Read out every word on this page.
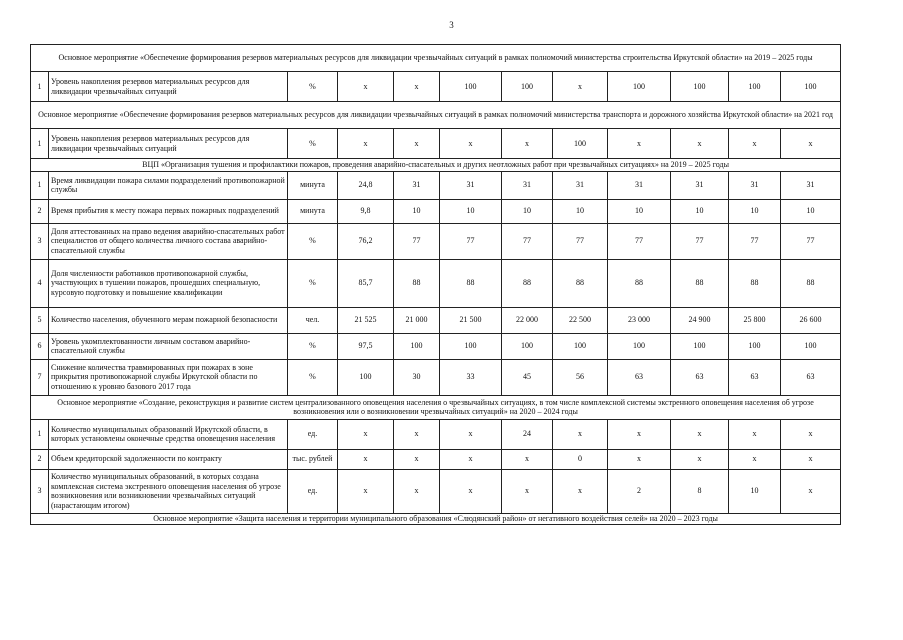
3
Основное мероприятие «Обеспечение формирования резервов материальных ресурсов для ликвидации чрезвычайных ситуаций в рамках полномочий министерства строительства Иркутской области» на 2019 – 2025 годы											
1	Уровень накопления резервов материальных ресурсов для ликвидации чрезвычайных ситуаций	%	x	x	100	100	x	100	100	100	100
Основное мероприятие «Обеспечение формирования резервов материальных ресурсов для ликвидации чрезвычайных ситуаций в рамках полномочий министерства транспорта и дорожного хозяйства Иркутской области» на 2021 год											
1	Уровень накопления резервов материальных ресурсов для ликвидации чрезвычайных ситуаций	%	x	x	x	x	100	x	x	x	x
ВЦП «Организация тушения и профилактики пожаров, проведения аварийно-спасательных и других неотложных работ при чрезвычайных ситуациях» на 2019 – 2025 годы											
1	Время ликвидации пожара силами подразделений противопожарной службы	минута	24,8	31	31	31	31	31	31	31	31
2	Время прибытия к месту пожара первых пожарных подразделений	минута	9,8	10	10	10	10	10	10	10	10
3	Доля аттестованных на право ведения аварийно-спасательных работ специалистов от общего количества личного состава аварийно-спасательной службы	%	76,2	77	77	77	77	77	77	77	77
4	Доля численности работников противопожарной службы, участвующих в тушении пожаров, прошедших специальную, курсовую подготовку и повышение квалификации	%	85,7	88	88	88	88	88	88	88	88
5	Количество населения, обученного мерам пожарной безопасности	чел.	21 525	21 000	21 500	22 000	22 500	23 000	24 900	25 800	26 600
6	Уровень укомплектованности личным составом аварийно-спасательной службы	%	97,5	100	100	100	100	100	100	100	100
7	Снижение количества травмированных при пожарах в зоне прикрытия противопожарной службы Иркутской области по отношению к уровню базового 2017 года	%	100	30	33	45	56	63	63	63	63
Основное мероприятие «Создание, реконструкция и развитие систем централизованного оповещения населения о чрезвычайных ситуациях, в том числе комплексной системы экстренного оповещения населения об угрозе возникновения или о возникновении чрезвычайных ситуаций» на 2020 – 2024 годы											
1	Количество муниципальных образований Иркутской области, в которых установлены оконечные средства оповещения населения	ед.	x	x	x	24	x	x	x	x	x
2	Объем кредиторской задолженности по контракту	тыс. рублей	x	x	x	x	0	x	x	x	x
3	Количество муниципальных образований, в которых создана комплексная система экстренного оповещения населения об угрозе возникновения или возникновении чрезвычайных ситуаций (нарастающим итогом)	ед.	x	x	x	x	x	2	8	10	x
Основное мероприятие «Защита населения и территории муниципального образования «Слюдянский район» от негативного воздействия селей» на 2020 – 2023 годы											
